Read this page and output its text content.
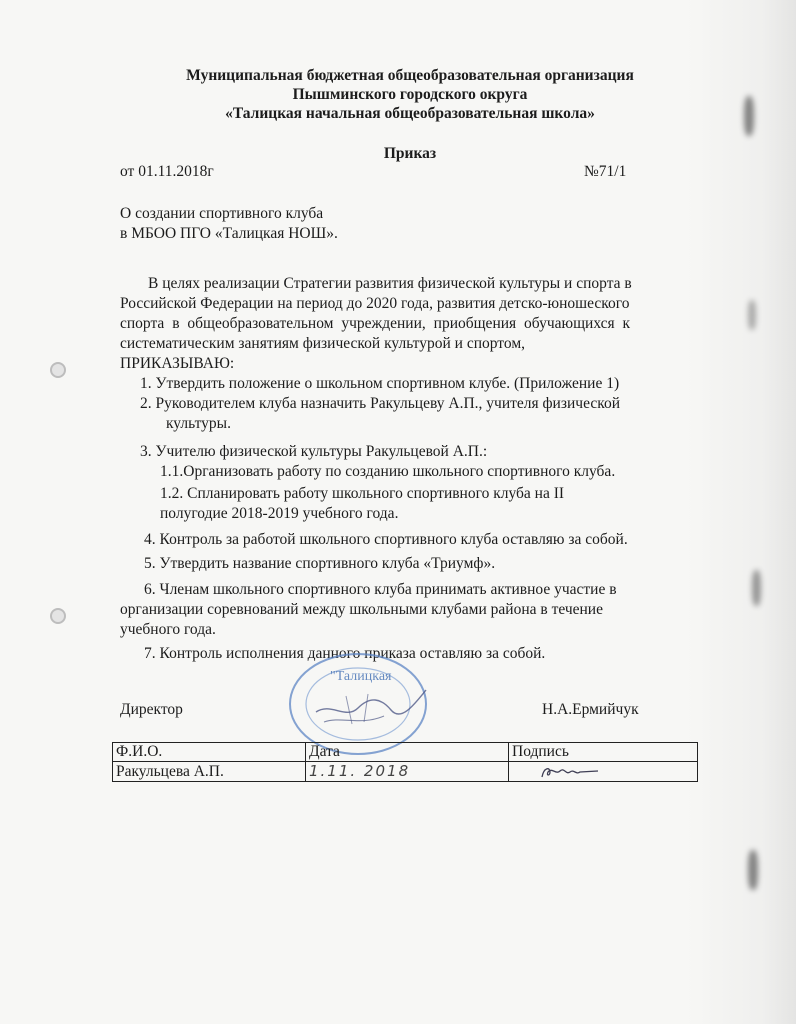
Муниципальная бюджетная общеобразовательная организация
Пышминского городского округа
«Талицкая начальная общеобразовательная школа»
Приказ
от 01.11.2018г	№71/1
О создании спортивного клуба
в МБОО ПГО «Талицкая НОШ».
В целях реализации Стратегии развития физической культуры и спорта в
Российской Федерации на период до 2020 года, развития детско-юношеского
спорта в общеобразовательном учреждении, приобщения обучающихся к
систематическим занятиям физической культурой и спортом,
ПРИКАЗЫВАЮ:
1. Утвердить положение о школьном спортивном клубе. (Приложение 1)
2. Руководителем клуба назначить Ракульцеву А.П., учителя физической
культуры.
3. Учителю физической культуры Ракульцевой А.П.:
1.1.Организовать работу по созданию школьного спортивного клуба.
1.2. Спланировать работу школьного спортивного клуба на II
полугодие 2018-2019 учебного года.
4. Контроль за работой школьного спортивного клуба оставляю за собой.
5. Утвердить название спортивного клуба «Триумф».
6. Членам школьного спортивного клуба принимать активное участие в
организации соревнований между школьными клубами района в течение
учебного года.
7. Контроль исполнения данного приказа оставляю за собой.
"Талицкая
Директор	Н.А.Ермийчук
Ф.И.О.	Дата	Подпись
Ракульцева А.П.	1.11. 2018	
